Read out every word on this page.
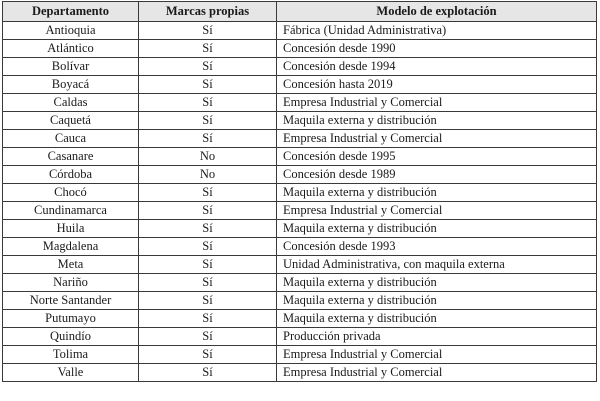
Departamento	Marcas propias	Modelo de explotación
Antioquia	Sí	Fábrica (Unidad Administrativa)
Atlántico	Sí	Concesión desde 1990
Bolívar	Sí	Concesión desde 1994
Boyacá	Sí	Concesión hasta 2019
Caldas	Sí	Empresa Industrial y Comercial
Caquetá	Sí	Maquila externa y distribución
Cauca	Sí	Empresa Industrial y Comercial
Casanare	No	Concesión desde 1995
Córdoba	No	Concesión desde 1989
Chocó	Sí	Maquila externa y distribución
Cundinamarca	Sí	Empresa Industrial y Comercial
Huila	Sí	Maquila externa y distribución
Magdalena	Sí	Concesión desde 1993
Meta	Sí	Unidad Administrativa, con maquila externa
Nariño	Sí	Maquila externa y distribución
Norte Santander	Sí	Maquila externa y distribución
Putumayo	Sí	Maquila externa y distribución
Quindío	Sí	Producción privada
Tolima	Sí	Empresa Industrial y Comercial
Valle	Sí	Empresa Industrial y Comercial
